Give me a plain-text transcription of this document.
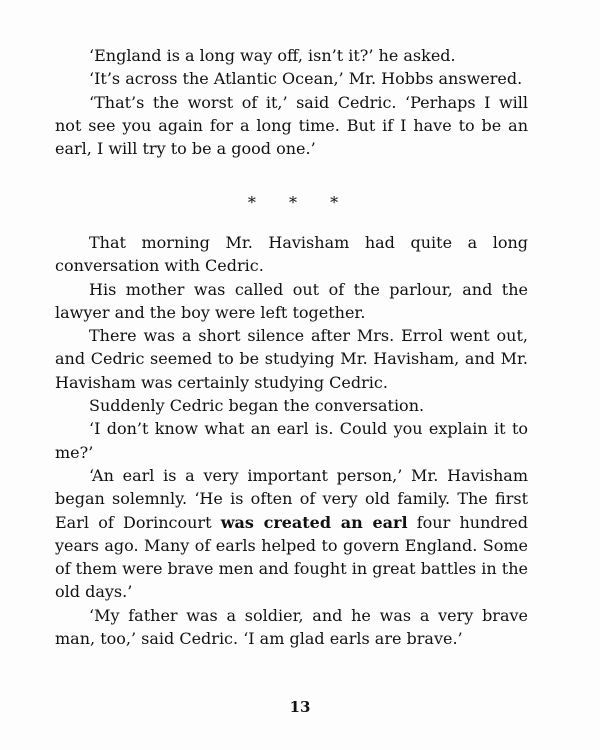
‘England is a long way off, isn’t it?’ he asked.

‘It’s across the Atlantic Ocean,’ Mr. Hobbs answered.

‘That’s the worst of it,’ said Cedric. ‘Perhaps I will not see you again for a long time. But if I have to be an earl, I will try to be a good one.’

* * *

That morning Mr. Havisham had quite a long conversation with Cedric.

His mother was called out of the parlour, and the lawyer and the boy were left together.

There was a short silence after Mrs. Errol went out, and Cedric seemed to be studying Mr. Havisham, and Mr. Havisham was certainly studying Cedric.

Suddenly Cedric began the conversation.

‘I don’t know what an earl is. Could you explain it to me?’

‘An earl is a very important person,’ Mr. Havisham began solemnly. ‘He is often of very old family. The first Earl of Dorincourt was created an earl four hundred years ago. Many of earls helped to govern England. Some of them were brave men and fought in great battles in the old days.’

‘My father was a soldier, and he was a very brave man, too,’ said Cedric. ‘I am glad earls are brave.’

13
